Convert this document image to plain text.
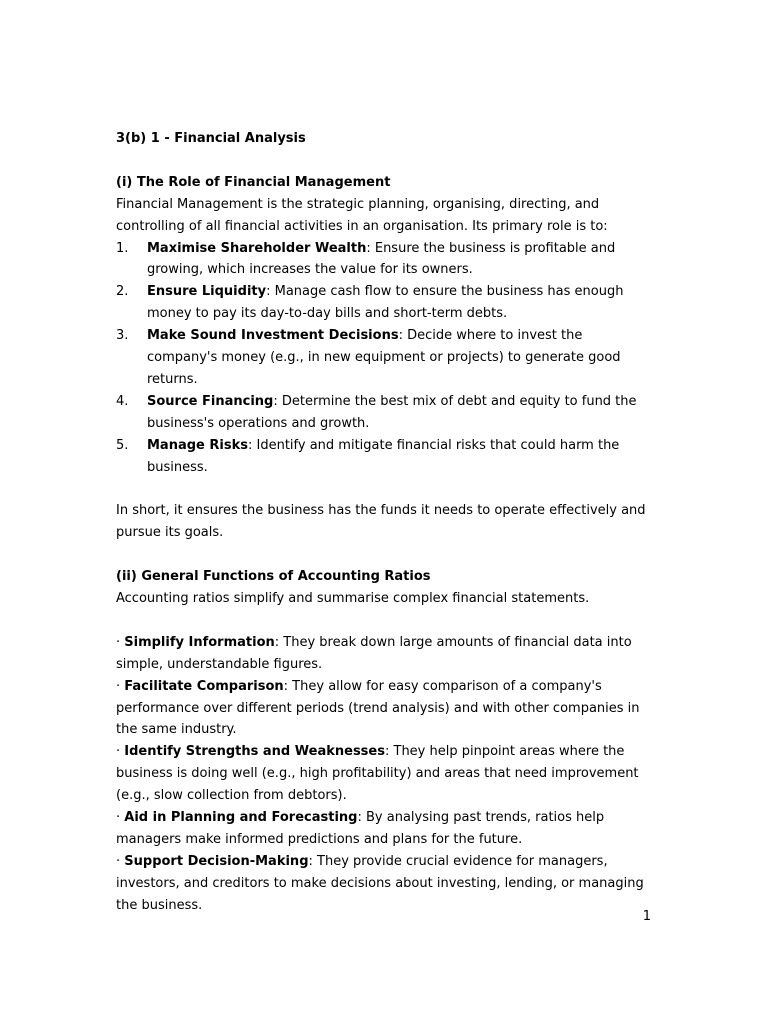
3(b) 1 - Financial Analysis
(i) The Role of Financial Management
Financial Management is the strategic planning, organising, directing, and controlling of all financial activities in an organisation. Its primary role is to:
1.	Maximise Shareholder Wealth: Ensure the business is profitable and growing, which increases the value for its owners.
2.	Ensure Liquidity: Manage cash flow to ensure the business has enough money to pay its day-to-day bills and short-term debts.
3.	Make Sound Investment Decisions: Decide where to invest the company's money (e.g., in new equipment or projects) to generate good returns.
4.	Source Financing: Determine the best mix of debt and equity to fund the business's operations and growth.
5.	Manage Risks: Identify and mitigate financial risks that could harm the business.
In short, it ensures the business has the funds it needs to operate effectively and pursue its goals.
(ii) General Functions of Accounting Ratios
Accounting ratios simplify and summarise complex financial statements.
· Simplify Information: They break down large amounts of financial data into simple, understandable figures.
· Facilitate Comparison: They allow for easy comparison of a company's performance over different periods (trend analysis) and with other companies in the same industry.
· Identify Strengths and Weaknesses: They help pinpoint areas where the business is doing well (e.g., high profitability) and areas that need improvement (e.g., slow collection from debtors).
· Aid in Planning and Forecasting: By analysing past trends, ratios help managers make informed predictions and plans for the future.
· Support Decision-Making: They provide crucial evidence for managers, investors, and creditors to make decisions about investing, lending, or managing the business.
1
